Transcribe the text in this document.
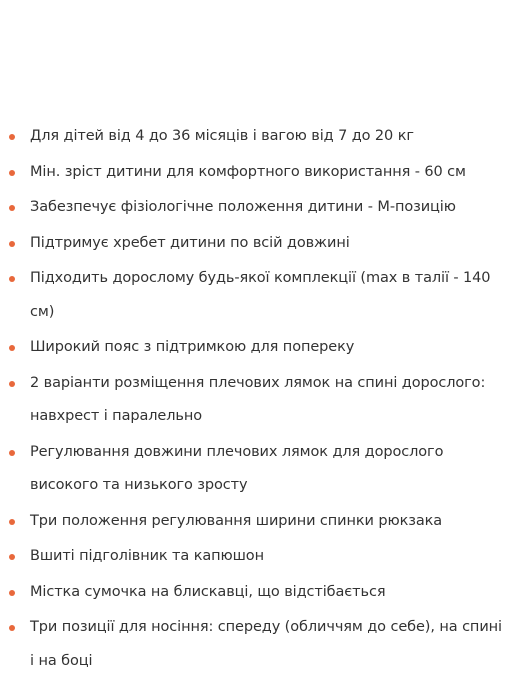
Для дітей від 4 до 36 місяців і вагою від 7 до 20 кг
Мін. зріст дитини для комфортного використання - 60 см
Забезпечує фізіологічне положення дитини - М-позицію
Підтримує хребет дитини по всій довжині
Підходить дорослому будь-якої комплекції (max в талії - 140 см)
Широкий пояс з підтримкою для попереку
2 варіанти розміщення плечових лямок на спині дорослого: навхрест і паралельно
Регулювання довжини плечових лямок для дорослого високого та низького зросту
Три положення регулювання ширини спинки рюкзака
Вшиті підголівник та капюшон
Містка сумочка на блискавці, що відстібається
Три позиції для носіння: спереду (обличчям до себе), на спині і на боці
